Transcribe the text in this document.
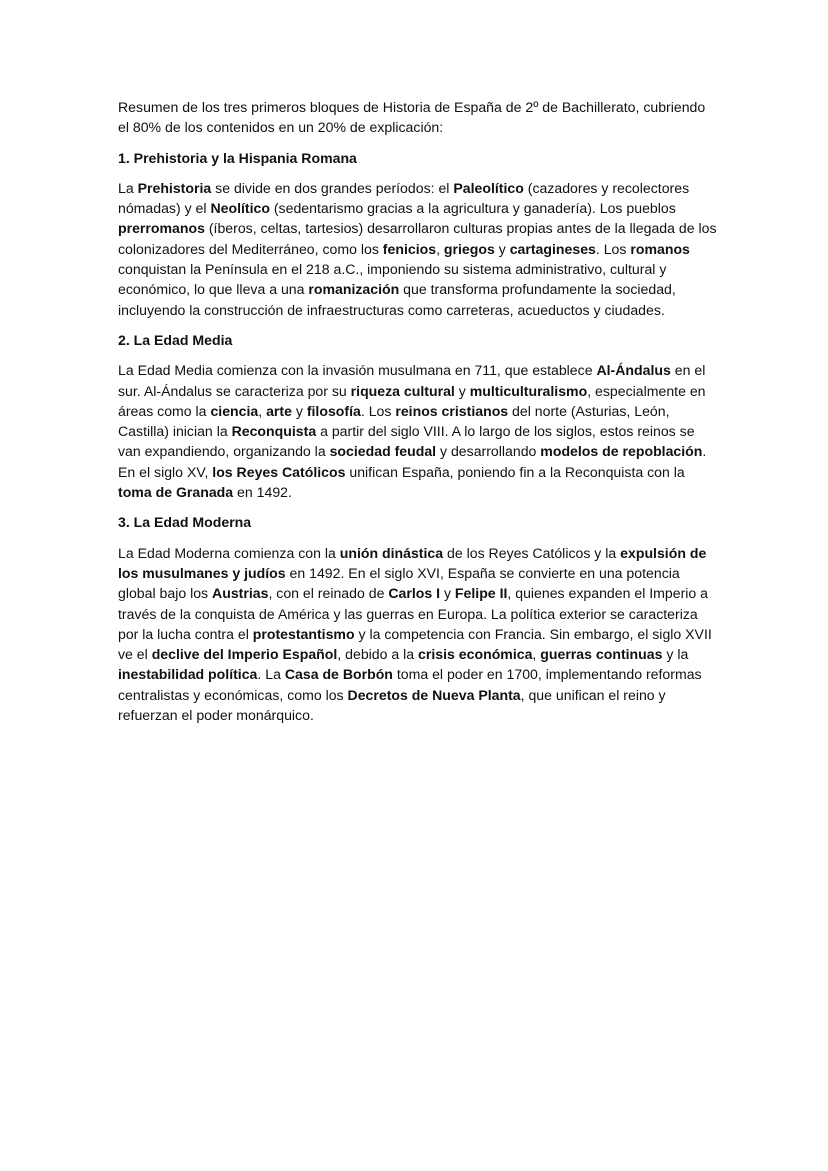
Resumen de los tres primeros bloques de Historia de España de 2º de Bachillerato, cubriendo el 80% de los contenidos en un 20% de explicación:

1. Prehistoria y la Hispania Romana

La Prehistoria se divide en dos grandes períodos: el Paleolítico (cazadores y recolectores nómadas) y el Neolítico (sedentarismo gracias a la agricultura y ganadería). Los pueblos prerromanos (íberos, celtas, tartesios) desarrollaron culturas propias antes de la llegada de los colonizadores del Mediterráneo, como los fenicios, griegos y cartagineses. Los romanos conquistan la Península en el 218 a.C., imponiendo su sistema administrativo, cultural y económico, lo que lleva a una romanización que transforma profundamente la sociedad, incluyendo la construcción de infraestructuras como carreteras, acueductos y ciudades.

2. La Edad Media

La Edad Media comienza con la invasión musulmana en 711, que establece Al-Ándalus en el sur. Al-Ándalus se caracteriza por su riqueza cultural y multiculturalismo, especialmente en áreas como la ciencia, arte y filosofía. Los reinos cristianos del norte (Asturias, León, Castilla) inician la Reconquista a partir del siglo VIII. A lo largo de los siglos, estos reinos se van expandiendo, organizando la sociedad feudal y desarrollando modelos de repoblación. En el siglo XV, los Reyes Católicos unifican España, poniendo fin a la Reconquista con la toma de Granada en 1492.

3. La Edad Moderna

La Edad Moderna comienza con la unión dinástica de los Reyes Católicos y la expulsión de los musulmanes y judíos en 1492. En el siglo XVI, España se convierte en una potencia global bajo los Austrias, con el reinado de Carlos I y Felipe II, quienes expanden el Imperio a través de la conquista de América y las guerras en Europa. La política exterior se caracteriza por la lucha contra el protestantismo y la competencia con Francia. Sin embargo, el siglo XVII ve el declive del Imperio Español, debido a la crisis económica, guerras continuas y la inestabilidad política. La Casa de Borbón toma el poder en 1700, implementando reformas centralistas y económicas, como los Decretos de Nueva Planta, que unifican el reino y refuerzan el poder monárquico.
